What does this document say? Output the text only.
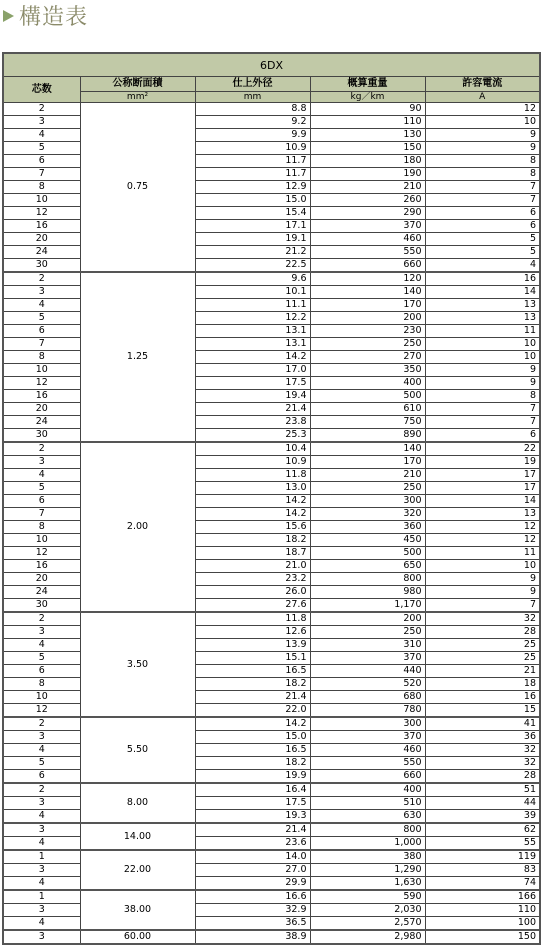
構造表
6DX				
芯数	公称断面積	仕上外径	概算重量	許容電流
	mm²	mm	kg／km	A
2	0.75	8.8	90	12
3		9.2	110	10
4		9.9	130	9
5		10.9	150	9
6		11.7	180	8
7		11.7	190	8
8		12.9	210	7
10		15.0	260	7
12		15.4	290	6
16		17.1	370	6
20		19.1	460	5
24		21.2	550	5
30		22.5	660	4
2	1.25	9.6	120	16
3		10.1	140	14
4		11.1	170	13
5		12.2	200	13
6		13.1	230	11
7		13.1	250	10
8		14.2	270	10
10		17.0	350	9
12		17.5	400	9
16		19.4	500	8
20		21.4	610	7
24		23.8	750	7
30		25.3	890	6
2	2.00	10.4	140	22
3		10.9	170	19
4		11.8	210	17
5		13.0	250	17
6		14.2	300	14
7		14.2	320	13
8		15.6	360	12
10		18.2	450	12
12		18.7	500	11
16		21.0	650	10
20		23.2	800	9
24		26.0	980	9
30		27.6	1,170	7
2	3.50	11.8	200	32
3		12.6	250	28
4		13.9	310	25
5		15.1	370	25
6		16.5	440	21
8		18.2	520	18
10		21.4	680	16
12		22.0	780	15
2	5.50	14.2	300	41
3		15.0	370	36
4		16.5	460	32
5		18.2	550	32
6		19.9	660	28
2	8.00	16.4	400	51
3		17.5	510	44
4		19.3	630	39
3	14.00	21.4	800	62
4		23.6	1,000	55
1	22.00	14.0	380	119
3		27.0	1,290	83
4		29.9	1,630	74
1	38.00	16.6	590	166
3		32.9	2,030	110
4		36.5	2,570	100
3	60.00	38.9	2,980	150
